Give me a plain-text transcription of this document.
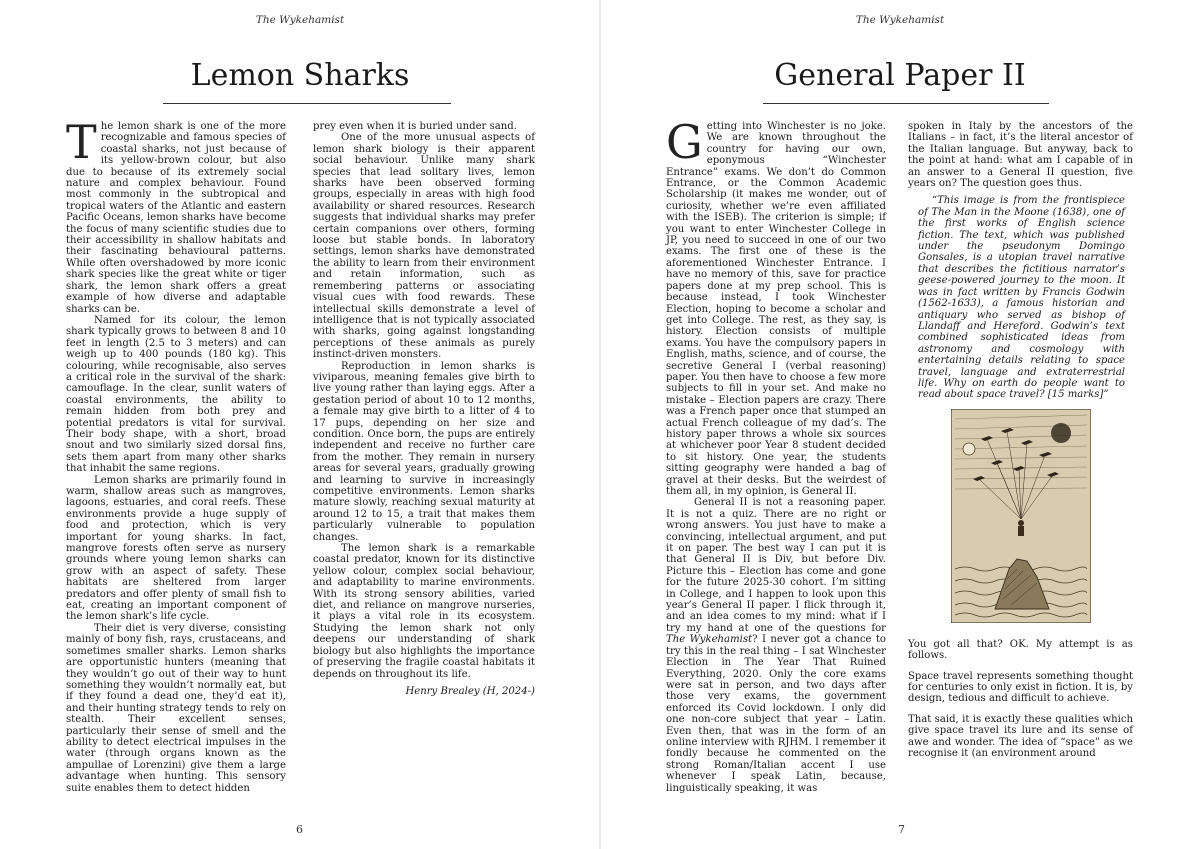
The Wykehamist
Lemon Sharks

The lemon shark is one of the more recognizable and famous species of coastal sharks, not just because of its yellow-brown colour, but also due to because of its extremely social nature and complex behaviour. Found most commonly in the subtropical and tropical waters of the Atlantic and eastern Pacific Oceans, lemon sharks have become the focus of many scientific studies due to their accessibility in shallow habitats and their fascinating behavioural patterns. While often overshadowed by more iconic shark species like the great white or tiger shark, the lemon shark offers a great example of how diverse and adaptable sharks can be.

Named for its colour, the lemon shark typically grows to between 8 and 10 feet in length (2.5 to 3 meters) and can weigh up to 400 pounds (180 kg). This colouring, while recognisable, also serves a critical role in the survival of the shark: camouflage. In the clear, sunlit waters of coastal environments, the ability to remain hidden from both prey and potential predators is vital for survival. Their body shape, with a short, broad snout and two similarly sized dorsal fins, sets them apart from many other sharks that inhabit the same regions.

Lemon sharks are primarily found in warm, shallow areas such as mangroves, lagoons, estuaries, and coral reefs. These environments provide a huge supply of food and protection, which is very important for young sharks. In fact, mangrove forests often serve as nursery grounds where young lemon sharks can grow with an aspect of safety. These habitats are sheltered from larger predators and offer plenty of small fish to eat, creating an important component of the lemon shark’s life cycle.

Their diet is very diverse, consisting mainly of bony fish, rays, crustaceans, and sometimes smaller sharks. Lemon sharks are opportunistic hunters (meaning that they wouldn’t go out of their way to hunt something they wouldn’t normally eat, but if they found a dead one, they’d eat it), and their hunting strategy tends to rely on stealth. Their excellent senses, particularly their sense of smell and the ability to detect electrical impulses in the water (through organs known as the ampullae of Lorenzini) give them a large advantage when hunting. This sensory suite enables them to detect hidden

prey even when it is buried under sand.

One of the more unusual aspects of lemon shark biology is their apparent social behaviour. Unlike many shark species that lead solitary lives, lemon sharks have been observed forming groups, especially in areas with high food availability or shared resources. Research suggests that individual sharks may prefer certain companions over others, forming loose but stable bonds. In laboratory settings, lemon sharks have demonstrated the ability to learn from their environment and retain information, such as remembering patterns or associating visual cues with food rewards. These intellectual skills demonstrate a level of intelligence that is not typically associated with sharks, going against longstanding perceptions of these animals as purely instinct-driven monsters.

Reproduction in lemon sharks is viviparous, meaning females give birth to live young rather than laying eggs. After a gestation period of about 10 to 12 months, a female may give birth to a litter of 4 to 17 pups, depending on her size and condition. Once born, the pups are entirely independent and receive no further care from the mother. They remain in nursery areas for several years, gradually growing and learning to survive in increasingly competitive environments. Lemon sharks mature slowly, reaching sexual maturity at around 12 to 15, a trait that makes them particularly vulnerable to population changes.

The lemon shark is a remarkable coastal predator, known for its distinctive yellow colour, complex social behaviour, and adaptability to marine environments. With its strong sensory abilities, varied diet, and reliance on mangrove nurseries, it plays a vital role in its ecosystem. Studying the lemon shark not only deepens our understanding of shark biology but also highlights the importance of preserving the fragile coastal habitats it depends on throughout its life.

Henry Brealey (H, 2024-)
6
The Wykehamist
General Paper II

Getting into Winchester is no joke. We are known throughout the country for having our own, eponymous “Winchester Entrance” exams. We don’t do Common Entrance, or the Common Academic Scholarship (it makes me wonder, out of curiosity, whether we’re even affiliated with the ISEB). The criterion is simple; if you want to enter Winchester College in JP, you need to succeed in one of our two exams. The first one of these is the aforementioned Winchester Entrance. I have no memory of this, save for practice papers done at my prep school. This is because instead, I took Winchester Election, hoping to become a scholar and get into College. The rest, as they say, is history. Election consists of multiple exams. You have the compulsory papers in English, maths, science, and of course, the secretive General I (verbal reasoning) paper. You then have to choose a few more subjects to fill in your set. And make no mistake – Election papers are crazy. There was a French paper once that stumped an actual French colleague of my dad’s. The history paper throws a whole six sources at whichever poor Year 8 student decided to sit history. One year, the students sitting geography were handed a bag of gravel at their desks. But the weirdest of them all, in my opinion, is General II.

General II is not a reasoning paper. It is not a quiz. There are no right or wrong answers. You just have to make a convincing, intellectual argument, and put it on paper. The best way I can put it is that General II is Div, but before Div. Picture this – Election has come and gone for the future 2025-30 cohort. I’m sitting in College, and I happen to look upon this year’s General II paper. I flick through it, and an idea comes to my mind: what if I try my hand at one of the questions for The Wykehamist? I never got a chance to try this in the real thing – I sat Winchester Election in The Year That Ruined Everything, 2020. Only the core exams were sat in person, and two days after those very exams, the government enforced its Covid lockdown. I only did one non-core subject that year – Latin. Even then, that was in the form of an online interview with RJHM. I remember it fondly because he commented on the strong Roman/Italian accent I use whenever I speak Latin, because, linguistically speaking, it was

spoken in Italy by the ancestors of the Italians – in fact, it’s the literal ancestor of the Italian language. But anyway, back to the point at hand: what am I capable of in an answer to a General II question, five years on? The question goes thus.

“This image is from the frontispiece of The Man in the Moone (1638), one of the first works of English science fiction. The text, which was published under the pseudonym Domingo Gonsales, is a utopian travel narrative that describes the fictitious narrator’s geese-powered journey to the moon. It was in fact written by Francis Godwin (1562-1633), a famous historian and antiquary who served as bishop of Llandaff and Hereford. Godwin’s text combined sophisticated ideas from astronomy and cosmology with entertaining details relating to space travel, language and extraterrestrial life. Why on earth do people want to read about space travel? [15 marks]”

You got all that? OK. My attempt is as follows.

Space travel represents something thought for centuries to only exist in fiction. It is, by design, tedious and difficult to achieve.

That said, it is exactly these qualities which give space travel its lure and its sense of awe and wonder. The idea of “space” as we recognise it (an environment around

7
